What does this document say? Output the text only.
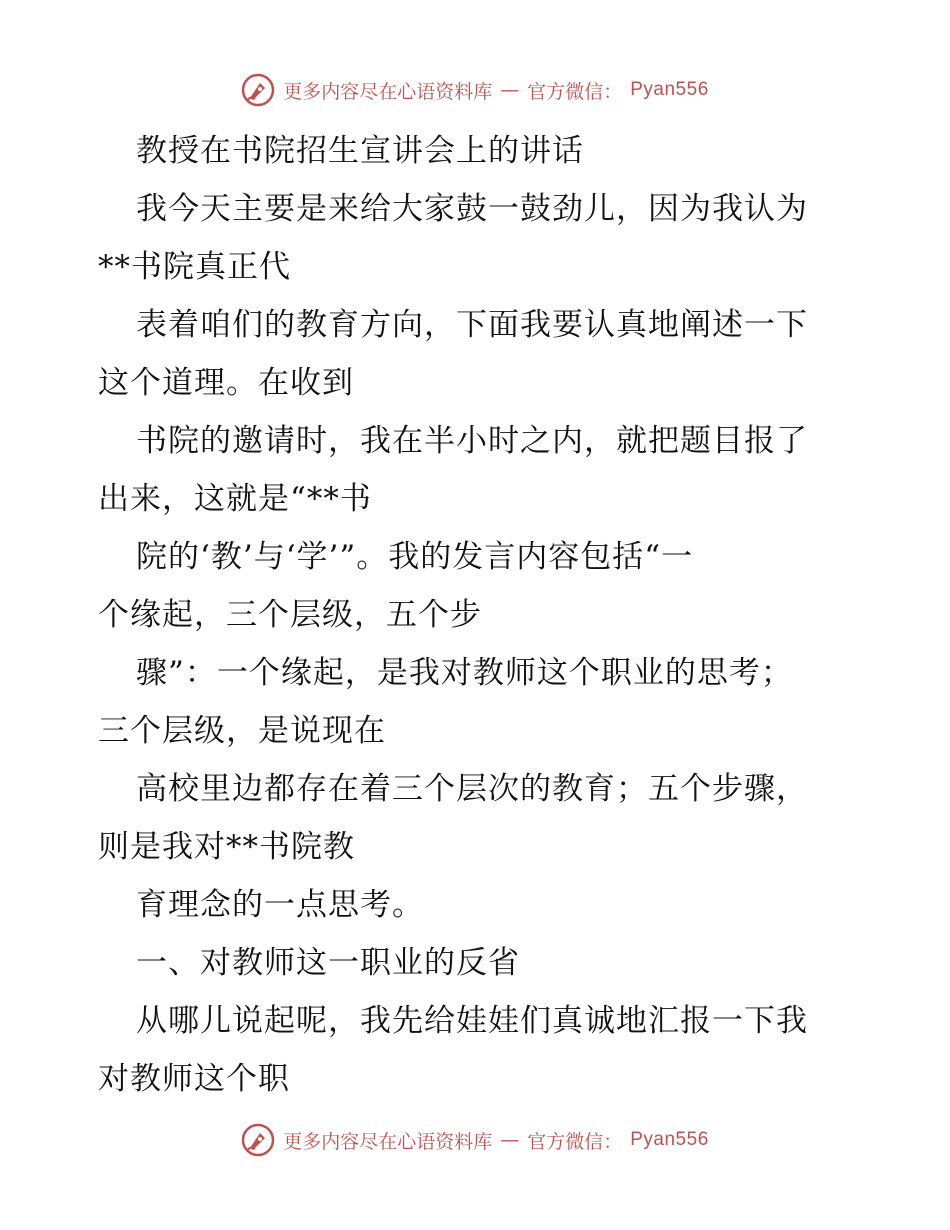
更多内容尽在心语资料库 — 官方微信： Pyan556
教授在书院招生宣讲会上的讲话
我今天主要是来给大家鼓一鼓劲儿，因为我认为
**书院真正代
表着咱们的教育方向，下面我要认真地阐述一下
这个道理。在收到
书院的邀请时，我在半小时之内，就把题目报了
出来，这就是“**书
院的‘教’与‘学’”。我的发言内容包括“一
个缘起，三个层级，五个步
骤”：一个缘起，是我对教师这个职业的思考；
三个层级，是说现在
高校里边都存在着三个层次的教育；五个步骤，
则是我对**书院教
育理念的一点思考。
一、对教师这一职业的反省
从哪儿说起呢，我先给娃娃们真诚地汇报一下我
对教师这个职
更多内容尽在心语资料库 — 官方微信： Pyan556
